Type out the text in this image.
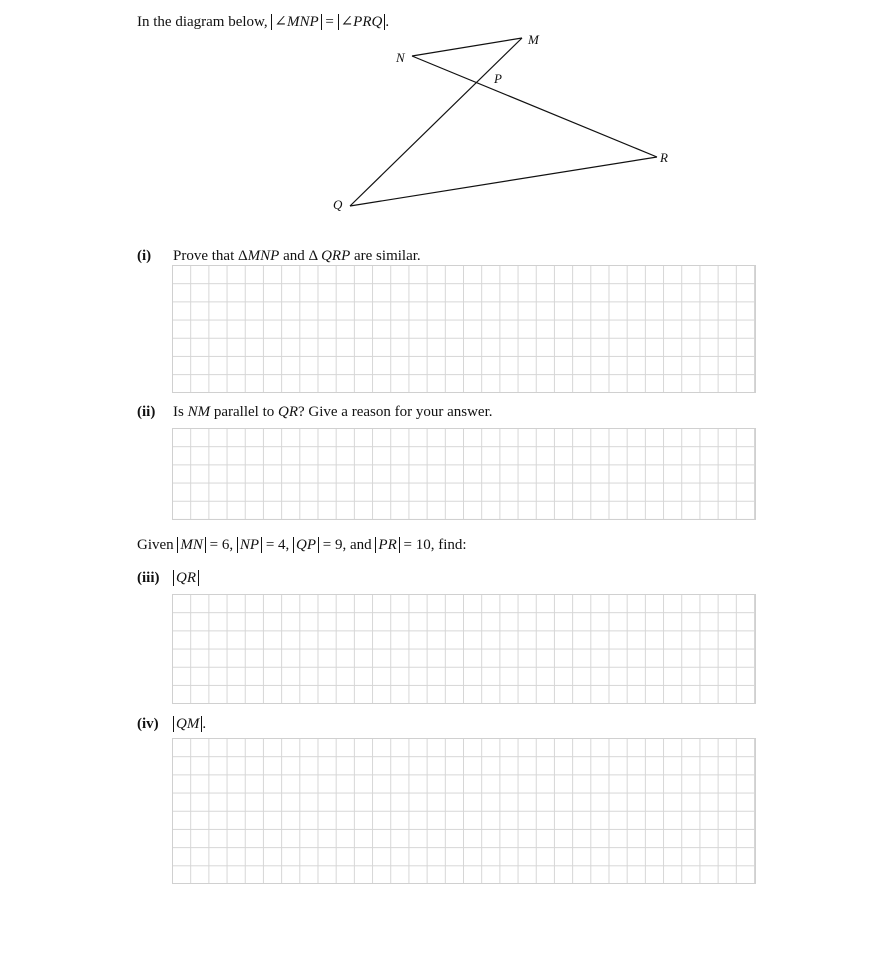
In the diagram below, ∠MNP = ∠PRQ .
M
N
P
R
Q
(i) Prove that ΔMNP and Δ QRP are similar.
(ii) Is NM parallel to QR? Give a reason for your answer.
Given MN = 6, NP = 4, QP = 9, and PR = 10, find:
(iii) QR
(iv) QM .
